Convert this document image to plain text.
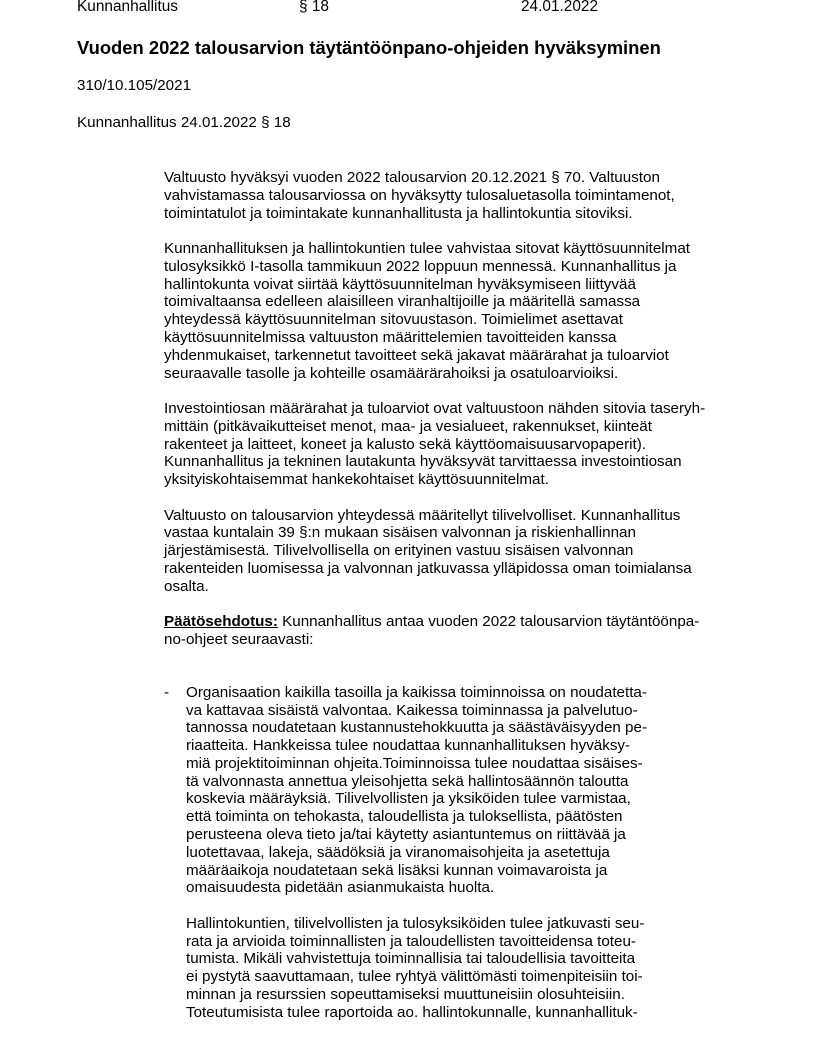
Kunnanhallitus	§ 18	24.01.2022
Vuoden 2022 talousarvion täytäntöönpano-ohjeiden hyväksyminen
310/10.105/2021
Kunnanhallitus 24.01.2022 § 18
Valtuusto hyväksyi vuoden 2022 talousarvion 20.12.2021 § 70. Valtuuston
vahvistamassa talousarviossa on hyväksytty tulosaluetasolla toimintamenot,
toimintatulot ja toimintakate kunnanhallitusta ja hallintokuntia sitoviksi.
Kunnanhallituksen ja hallintokuntien tulee vahvistaa sitovat käyttösuunnitelmat
tulosyksikkö I-tasolla tammikuun 2022 loppuun mennessä. Kunnanhallitus ja
hallintokunta voivat siirtää käyttösuunnitelman hyväksymiseen liittyvää
toimivaltaansa edelleen alaisilleen viranhaltijoille ja määritellä samassa
yhteydessä käyttösuunnitelman sitovuustason. Toimielimet asettavat
käyttösuunnitelmissa valtuuston määrittelemien tavoitteiden kanssa
yhdenmukaiset, tarkennetut tavoitteet sekä jakavat määrärahat ja tuloarviot
seuraavalle tasolle ja kohteille osamäärärahoiksi ja osatuloarvioiksi.
Investointiosan määrärahat ja tuloarviot ovat valtuustoon nähden sitovia taseryh-
mittäin (pitkävaikutteiset menot, maa- ja vesialueet, rakennukset, kiinteät
rakenteet ja laitteet, koneet ja kalusto sekä käyttöomaisuusarvopaperit).
Kunnanhallitus ja tekninen lautakunta hyväksyvät tarvittaessa investointiosan
yksityiskohtaisemmat hankekohtaiset käyttösuunnitelmat.
Valtuusto on talousarvion yhteydessä määritellyt tilivelvolliset. Kunnanhallitus
vastaa kuntalain 39 §:n mukaan sisäisen valvonnan ja riskienhallinnan
järjestämisestä. Tilivelvollisella on erityinen vastuu sisäisen valvonnan
rakenteiden luomisessa ja valvonnan jatkuvassa ylläpidossa oman toimialansa
osalta.
Päätösehdotus: Kunnanhallitus antaa vuoden 2022 talousarvion täytäntöönpa-
no-ohjeet seuraavasti:
- Organisaation kaikilla tasoilla ja kaikissa toiminnoissa on noudatetta-
va kattavaa sisäistä valvontaa. Kaikessa toiminnassa ja palvelutuo-
tannossa noudatetaan kustannustehokkuutta ja säästäväisyyden pe-
riaatteita. Hankkeissa tulee noudattaa kunnanhallituksen hyväksy-
miä projektitoiminnan ohjeita.Toiminnoissa tulee noudattaa sisäises-
tä valvonnasta annettua yleisohjetta sekä hallintosäännön taloutta
koskevia määräyksiä. Tilivelvollisten ja yksiköiden tulee varmistaa,
että toiminta on tehokasta, taloudellista ja tuloksellista, päätösten
perusteena oleva tieto ja/tai käytetty asiantuntemus on riittävää ja
luotettavaa, lakeja, säädöksiä ja viranomaisohjeita ja asetettuja
määräaikoja noudatetaan sekä lisäksi kunnan voimavaroista ja
omaisuudesta pidetään asianmukaista huolta.
Hallintokuntien, tilivelvollisten ja tulosyksiköiden tulee jatkuvasti seu-
rata ja arvioida toiminnallisten ja taloudellisten tavoitteidensa toteu-
tumista. Mikäli vahvistettuja toiminnallisia tai taloudellisia tavoitteita
ei pystytä saavuttamaan, tulee ryhtyä välittömästi toimenpiteisiin toi-
minnan ja resurssien sopeuttamiseksi muuttuneisiin olosuhteisiin.
Toteutumisista tulee raportoida ao. hallintokunnalle, kunnanhallituk-
